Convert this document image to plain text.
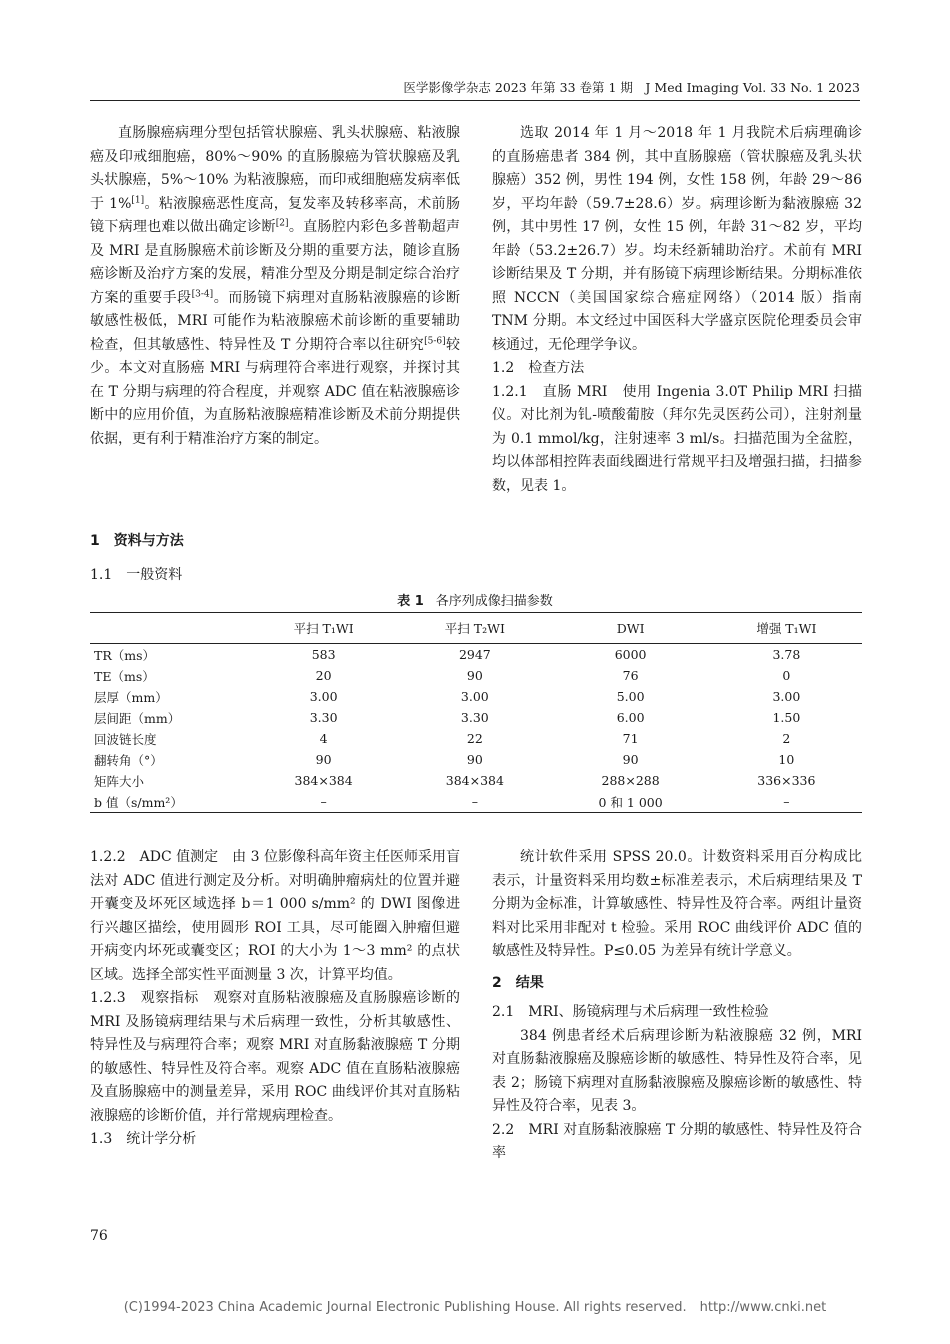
医学影像学杂志 2023 年第 33 卷第 1 期　J Med Imaging Vol. 33 No. 1 2023

直肠腺癌病理分型包括管状腺癌、乳头状腺癌、粘液腺癌及印戒细胞癌，80%～90% 的直肠腺癌为管状腺癌及乳头状腺癌，5%～10% 为粘液腺癌，而印戒细胞癌发病率低于 1%[1]。粘液腺癌恶性度高，复发率及转移率高，术前肠镜下病理也难以做出确定诊断[2]。直肠腔内彩色多普勒超声及 MRI 是直肠腺癌术前诊断及分期的重要方法，随诊直肠癌诊断及治疗方案的发展，精准分型及分期是制定综合治疗方案的重要手段[3-4]。而肠镜下病理对直肠粘液腺癌的诊断敏感性极低，MRI 可能作为粘液腺癌术前诊断的重要辅助检查，但其敏感性、特异性及 T 分期符合率以往研究[5-6]较少。本文对直肠癌 MRI 与病理符合率进行观察，并探讨其在 T 分期与病理的符合程度，并观察 ADC 值在粘液腺癌诊断中的应用价值，为直肠粘液腺癌精准诊断及术前分期提供依据，更有利于精准治疗方案的制定。

1　资料与方法
1.1　一般资料

选取 2014 年 1 月～2018 年 1 月我院术后病理确诊的直肠癌患者 384 例，其中直肠腺癌（管状腺癌及乳头状腺癌）352 例，男性 194 例，女性 158 例，年龄 29～86 岁，平均年龄（59.7±28.6）岁。病理诊断为黏液腺癌 32 例，其中男性 17 例，女性 15 例，年龄 31～82 岁，平均年龄（53.2±26.7）岁。均未经新辅助治疗。术前有 MRI 诊断结果及 T 分期，并有肠镜下病理诊断结果。分期标准依照 NCCN（美国国家综合癌症网络）（2014 版）指南 TNM 分期。本文经过中国医科大学盛京医院伦理委员会审核通过，无伦理学争议。

1.2　检查方法

1.2.1　直肠 MRI　使用 Ingenia 3.0T Philip MRI 扫描仪。对比剂为钆-喷酸葡胺（拜尔先灵医药公司），注射剂量为 0.1 mmol/kg，注射速率 3 ml/s。扫描范围为全盆腔，均以体部相控阵表面线圈进行常规平扫及增强扫描，扫描参数，见表 1。

表 1 各序列成像扫描参数
	平扫 T₁WI	平扫 T₂WI	DWI	增强 T₁WI
TR（ms）	583	2947	6000	3.78
TE（ms）	20	90	76	0
层厚（mm）	3.00	3.00	5.00	3.00
层间距（mm）	3.30	3.30	6.00	1.50
回波链长度	4	22	71	2
翻转角（°）	90	90	90	10
矩阵大小	384×384	384×384	288×288	336×336
b 值（s/mm²）	–	–	0 和 1 000	–

1.2.2　ADC 值测定　由 3 位影像科高年资主任医师采用盲法对 ADC 值进行测定及分析。对明确肿瘤病灶的位置并避开囊变及坏死区域选择 b＝1 000 s/mm² 的 DWI 图像进行兴趣区描绘，使用圆形 ROI 工具，尽可能圈入肿瘤但避开病变内坏死或囊变区；ROI 的大小为 1～3 mm² 的点状区域。选择全部实性平面测量 3 次，计算平均值。

1.2.3　观察指标　观察对直肠粘液腺癌及直肠腺癌诊断的 MRI 及肠镜病理结果与术后病理一致性，分析其敏感性、特异性及与病理符合率；观察 MRI 对直肠黏液腺癌 T 分期的敏感性、特异性及符合率。观察 ADC 值在直肠粘液腺癌及直肠腺癌中的测量差异，采用 ROC 曲线评价其对直肠粘液腺癌的诊断价值，并行常规病理检查。

1.3　统计学分析

统计软件采用 SPSS 20.0。计数资料采用百分构成比表示，计量资料采用均数±标准差表示，术后病理结果及 T 分期为金标准，计算敏感性、特异性及符合率。两组计量资料对比采用非配对 t 检验。采用 ROC 曲线评价 ADC 值的敏感性及特异性。P≤0.05 为差异有统计学意义。

2　结果

2.1　MRI、肠镜病理与术后病理一致性检验

384 例患者经术后病理诊断为粘液腺癌 32 例，MRI 对直肠黏液腺癌及腺癌诊断的敏感性、特异性及符合率，见表 2；肠镜下病理对直肠黏液腺癌及腺癌诊断的敏感性、特异性及符合率，见表 3。

2.2　MRI 对直肠黏液腺癌 T 分期的敏感性、特异性及符合率

76
(C)1994-2023 China Academic Journal Electronic Publishing House. All rights reserved.　http://www.cnki.net
